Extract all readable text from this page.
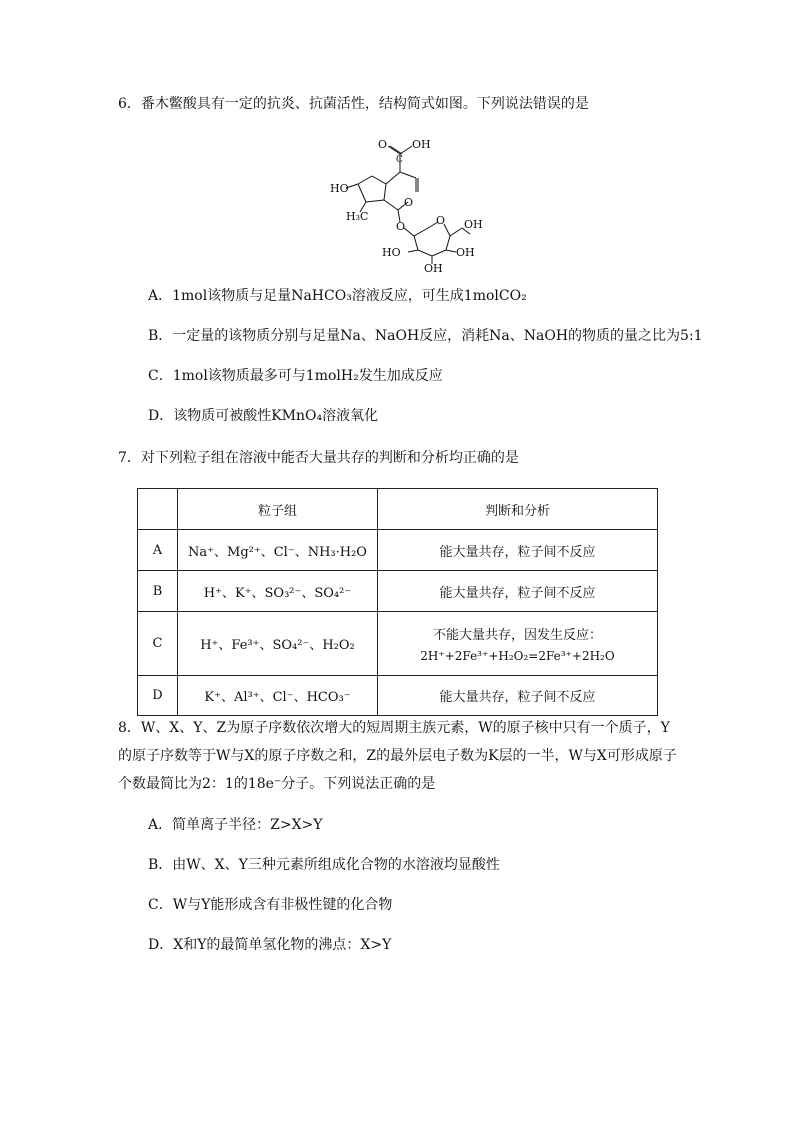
6．番木鳖酸具有一定的抗炎、抗菌活性，结构简式如图。下列说法错误的是
O OH
C
HO
O
H₃C
O	O OH
HO	OH
OH
A．1mol该物质与足量NaHCO₃溶液反应，可生成1molCO₂
B．一定量的该物质分别与足量Na、NaOH反应，消耗Na、NaOH的物质的量之比为5:1
C．1mol该物质最多可与1molH₂发生加成反应
D．该物质可被酸性KMnO₄溶液氧化
7．对下列粒子组在溶液中能否大量共存的判断和分析均正确的是
	粒子组	判断和分析
A	Na⁺、Mg²⁺、Cl⁻、NH₃·H₂O	能大量共存，粒子间不反应
B	H⁺、K⁺、SO₃²⁻、SO₄²⁻	能大量共存，粒子间不反应
C	H⁺、Fe³⁺、SO₄²⁻、H₂O₂	不能大量共存，因发生反应：
2H⁺+2Fe³⁺+H₂O₂=2Fe³⁺+2H₂O

D	K⁺、Al³⁺、Cl⁻、HCO₃⁻	能大量共存，粒子间不反应
8．W、X、Y、Z为原子序数依次增大的短周期主族元素，W的原子核中只有一个质子，Y
的原子序数等于W与X的原子序数之和，Z的最外层电子数为K层的一半，W与X可形成原子
个数最简比为2：1的18e⁻分子。下列说法正确的是
A．简单离子半径：Z>X>Y
B．由W、X、Y三种元素所组成化合物的水溶液均显酸性
C．W与Y能形成含有非极性键的化合物
D．X和Y的最简单氢化物的沸点：X>Y
